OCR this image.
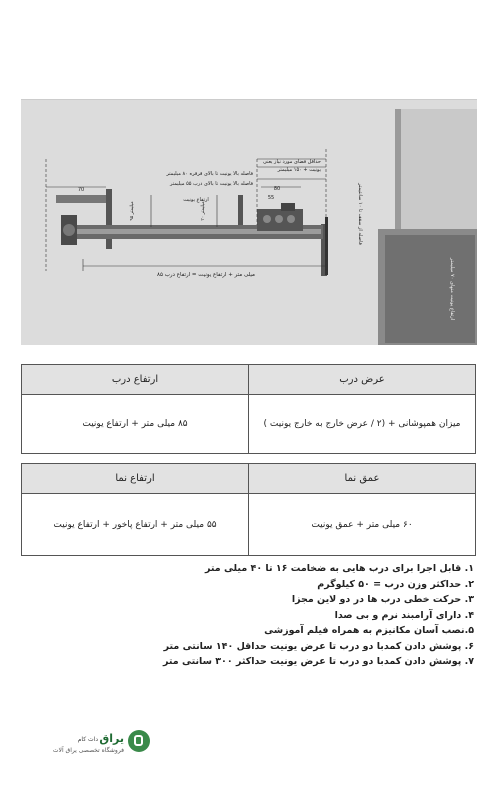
حداقل فضای مورد نیاز یعنی
یونیت + ۱۵۰ میلیمتر
فاصله بالا یونیت تا بالای قرقره ۸۰ میلیمتر
فاصله بالا یونیت تا بالای درب ۵۵ میلیمتر
ارتفاع یونیت
70	80
55
۸۵ میلی متر + ارتفاع یونیت = ارتفاع درب
۹۵ میلیمتر
۳۰ میلیمتر
فاصله از سقف تا ۱۰ سانتیمتر
ارتفاع یونیت منهای ۷۰ میلیمتر
عرض درب	ارتفاع درب
میزان همپوشانی + (۲ / عرض خارج به خارج یونیت )	۸۵ میلی متر + ارتفاع یونیت
عمق نما	ارتفاع نما
۶۰ میلی متر + عمق یونیت	۵۵ میلی متر + ارتفاع پاخور + ارتفاع یونیت
۱. قابل اجرا برای درب هایی به ضخامت ۱۶ تا ۴۰ میلی متر
۲. حداکثر وزن درب = ۵۰ کیلوگرم
۳. حرکت خطی درب ها در دو لاین مجزا
۴. دارای آرامبند نرم و بی صدا
۵.نصب آسان مکانیزم به همراه فیلم آموزشی
۶. پوشش دادن کمدبا دو درب تا عرض یونیت حداقل ۱۴۰ سانتی متر
۷. پوشش دادن کمدبا دو درب تا عرض یونیت حداکثر ۳۰۰ سانتی متر
یراق
دات کام
فروشگاه تخصصی یراق آلات
